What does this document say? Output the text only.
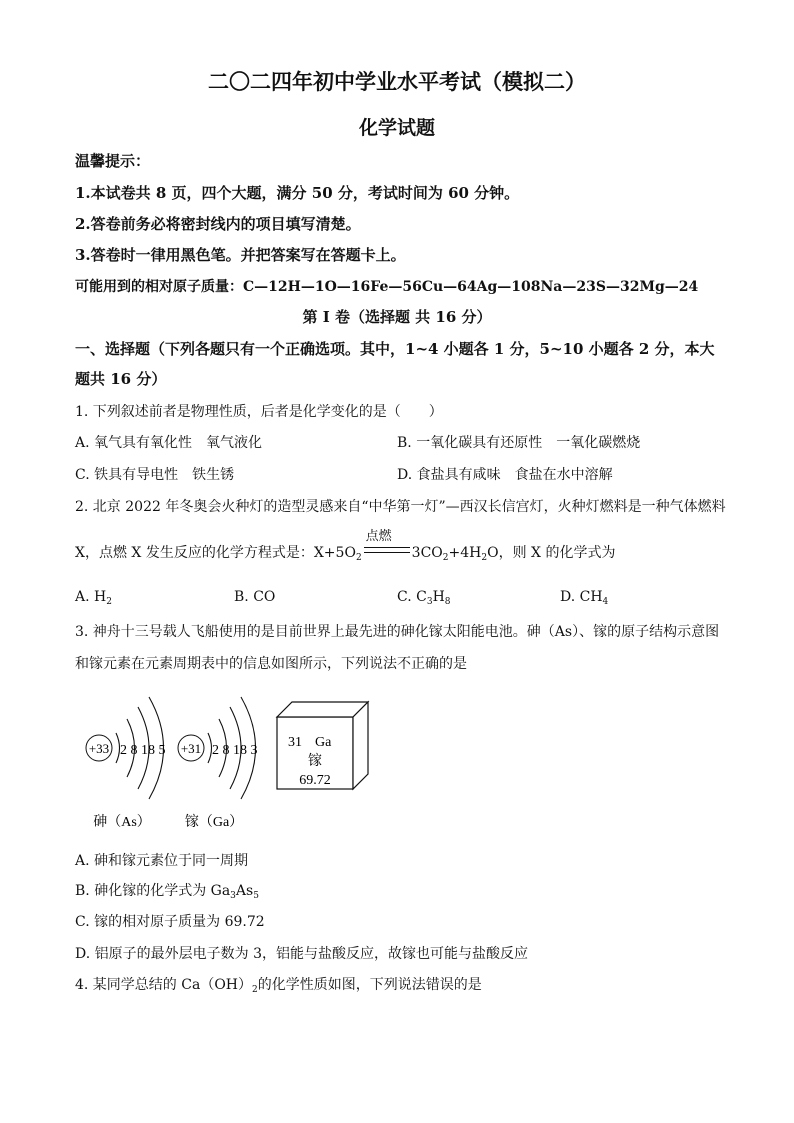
二〇二四年初中学业水平考试（模拟二）
化学试题
温馨提示：
1.本试卷共 8 页，四个大题，满分 50 分，考试时间为 60 分钟。
2.答卷前务必将密封线内的项目填写清楚。
3.答卷时一律用黑色笔。并把答案写在答题卡上。
可能用到的相对原子质量：C—12H—1O—16Fe—56Cu—64Ag—108Na—23S—32Mg—24
第 I 卷（选择题 共 16 分）
一、选择题（下列各题只有一个正确选项。其中，1~4 小题各 1 分，5~10 小题各 2 分，本大
题共 16 分）
1. 下列叙述前者是物理性质，后者是化学变化的是（　　）
A. 氧气具有氧化性　氧气液化	B. 一氧化碳具有还原性　一氧化碳燃烧
C. 铁具有导电性　铁生锈	D. 食盐具有咸味　食盐在水中溶解
2. 北京 2022 年冬奥会火种灯的造型灵感来自“中华第一灯”—西汉长信宫灯，火种灯燃料是一种气体燃料
X，点燃 X 发生反应的化学方程式是：$X+5O_2$
点燃
$3CO_2+4H_2O$，则 X 的化学式为
A. $H_2$	B. CO	C. $C_3H_8$	D. $CH_4$
3. 神舟十三号载人飞船使用的是目前世界上最先进的砷化镓太阳能电池。砷（As）、镓的原子结构示意图
和镓元素在元素周期表中的信息如图所示，下列说法不正确的是
+33 2 8 18 5
砷（As）
+31 2 8 18 3
镓（Ga）
31 Ga
镓
69.72
A. 砷和镓元素位于同一周期
B. 砷化镓的化学式为 $Ga_3As_5$
C. 镓的相对原子质量为 69.72
D. 铝原子的最外层电子数为 3，铝能与盐酸反应，故镓也可能与盐酸反应
4. 某同学总结的 $Ca(OH)_2$的化学性质如图，下列说法错误的是
